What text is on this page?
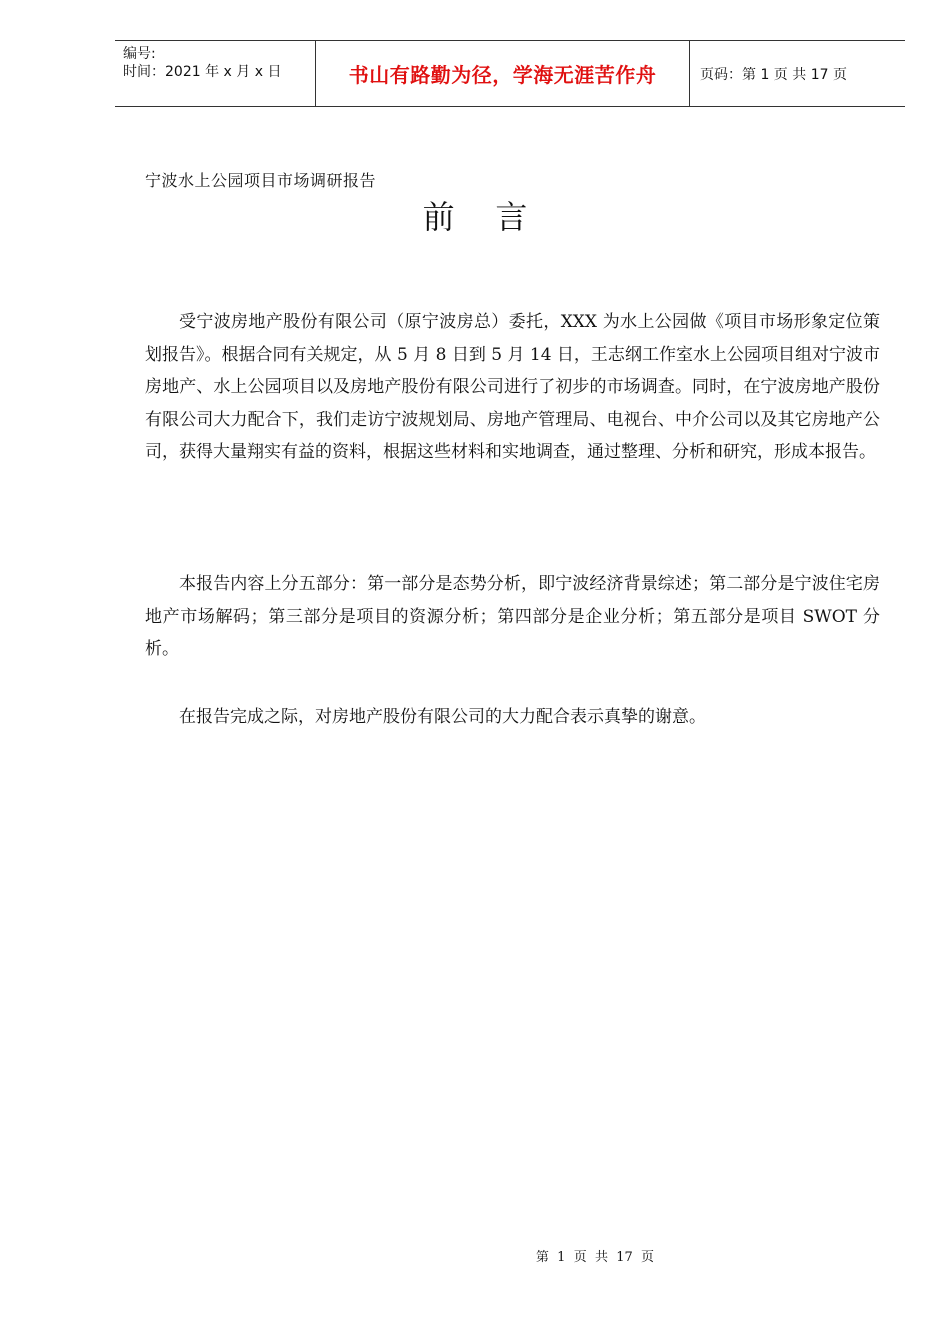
编号:
时间：2021 年 x 月 x 日	书山有路勤为径，学海无涯苦作舟	页码：第 1 页 共 17 页
宁波水上公园项目市场调研报告
前    言

受宁波房地产股份有限公司（原宁波房总）委托，XXX 为水上公园做《项目市场形象定位策划报告》。根据合同有关规定，从 5 月 8 日到 5 月 14 日，王志纲工作室水上公园项目组对宁波市房地产、水上公园项目以及房地产股份有限公司进行了初步的市场调查。同时，在宁波房地产股份有限公司大力配合下，我们走访宁波规划局、房地产管理局、电视台、中介公司以及其它房地产公司，获得大量翔实有益的资料，根据这些材料和实地调查，通过整理、分析和研究，形成本报告。

本报告内容上分五部分：第一部分是态势分析，即宁波经济背景综述；第二部分是宁波住宅房地产市场解码；第三部分是项目的资源分析；第四部分是企业分析；第五部分是项目 SWOT 分析。

在报告完成之际，对房地产股份有限公司的大力配合表示真挚的谢意。

第  1  页  共  17  页
